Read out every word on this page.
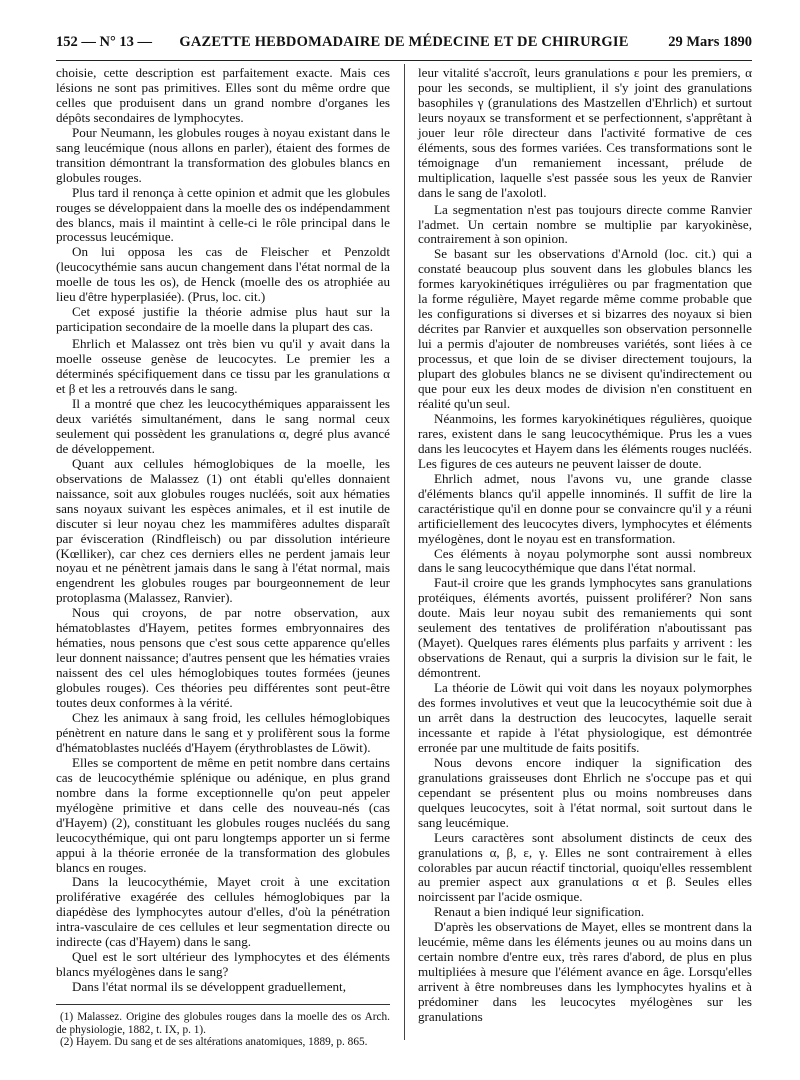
152 — N° 13 —	GAZETTE HEBDOMADAIRE DE MÉDECINE ET DE CHIRURGIE	29 Mars 1890

choisie, cette description est parfaitement exacte. Mais ces lésions ne sont pas primitives. Elles sont du même ordre que celles que produisent dans un grand nombre d'organes les dépôts secondaires de lymphocytes.

Pour Neumann, les globules rouges à noyau existant dans le sang leucémique (nous allons en parler), étaient des formes de transition démontrant la transformation des globules blancs en globules rouges.

Plus tard il renonça à cette opinion et admit que les globules rouges se développaient dans la moelle des os indépendamment des blancs, mais il maintint à celle-ci le rôle principal dans le processus leucémique.

On lui opposa les cas de Fleischer et Penzoldt (leucocythémie sans aucun changement dans l'état normal de la moelle de tous les os), de Henck (moelle des os atrophiée au lieu d'être hyperplasiée). (Prus, loc. cit.)

Cet exposé justifie la théorie admise plus haut sur la participation secondaire de la moelle dans la plupart des cas.

Ehrlich et Malassez ont très bien vu qu'il y avait dans la moelle osseuse genèse de leucocytes. Le premier les a déterminés spécifiquement dans ce tissu par les granulations α et β et les a retrouvés dans le sang.

Il a montré que chez les leucocythémiques apparaissent les deux variétés simultanément, dans le sang normal ceux seulement qui possèdent les granulations α, degré plus avancé de développement.

Quant aux cellules hémoglobiques de la moelle, les observations de Malassez (1) ont établi qu'elles donnaient naissance, soit aux globules rouges nucléés, soit aux hématies sans noyaux suivant les espèces animales, et il est inutile de discuter si leur noyau chez les mammifères adultes disparaît par évisceration (Rindfleisch) ou par dissolution intérieure (Kœlliker), car chez ces derniers elles ne perdent jamais leur noyau et ne pénètrent jamais dans le sang à l'état normal, mais engendrent les globules rouges par bourgeonnement de leur protoplasma (Malassez, Ranvier).

Nous qui croyons, de par notre observation, aux hématoblastes d'Hayem, petites formes embryonnaires des hématies, nous pensons que c'est sous cette apparence qu'elles leur donnent naissance; d'autres pensent que les hématies vraies naissent des cel ules hémoglobiques toutes formées (jeunes globules rouges). Ces théories peu différentes sont peut-être toutes deux conformes à la vérité.

Chez les animaux à sang froid, les cellules hémoglobiques pénètrent en nature dans le sang et y prolifèrent sous la forme d'hématoblastes nucléés d'Hayem (érythroblastes de Löwit).

Elles se comportent de même en petit nombre dans certains cas de leucocythémie splénique ou adénique, en plus grand nombre dans la forme exceptionnelle qu'on peut appeler myélogène primitive et dans celle des nouveau-nés (cas d'Hayem) (2), constituant les globules rouges nucléés du sang leucocythémique, qui ont paru longtemps apporter un si ferme appui à la théorie erronée de la transformation des globules blancs en rouges.

Dans la leucocythémie, Mayet croit à une excitation proliférative exagérée des cellules hémoglobiques par la diapédèse des lymphocytes autour d'elles, d'où la pénétration intra-vasculaire de ces cellules et leur segmentation directe ou indirecte (cas d'Hayem) dans le sang.

Quel est le sort ultérieur des lymphocytes et des éléments blancs myélogènes dans le sang?

Dans l'état normal ils se développent graduellement,

(1) Malassez. Origine des globules rouges dans la moelle des os Arch. de physiologie, 1882, t. IX, p. 1).

(2) Hayem. Du sang et de ses altérations anatomiques, 1889, p. 865.

leur vitalité s'accroît, leurs granulations ε pour les premiers, α pour les seconds, se multiplient, il s'y joint des granulations basophiles γ (granulations des Mastzellen d'Ehrlich) et surtout leurs noyaux se transforment et se perfectionnent, s'apprêtant à jouer leur rôle directeur dans l'activité formative de ces éléments, sous des formes variées. Ces transformations sont le témoignage d'un remaniement incessant, prélude de multiplication, laquelle s'est passée sous les yeux de Ranvier dans le sang de l'axolotl.

La segmentation n'est pas toujours directe comme Ranvier l'admet. Un certain nombre se multiplie par karyokinèse, contrairement à son opinion.

Se basant sur les observations d'Arnold (loc. cit.) qui a constaté beaucoup plus souvent dans les globules blancs les formes karyokinétiques irrégulières ou par fragmentation que la forme régulière, Mayet regarde même comme probable que les configurations si diverses et si bizarres des noyaux si bien décrites par Ranvier et auxquelles son observation personnelle lui a permis d'ajouter de nombreuses variétés, sont liées à ce processus, et que loin de se diviser directement toujours, la plupart des globules blancs ne se divisent qu'indirectement ou que pour eux les deux modes de division n'en constituent en réalité qu'un seul.

Néanmoins, les formes karyokinétiques régulières, quoique rares, existent dans le sang leucocythémique. Prus les a vues dans les leucocytes et Hayem dans les éléments rouges nucléés. Les figures de ces auteurs ne peuvent laisser de doute.

Ehrlich admet, nous l'avons vu, une grande classe d'éléments blancs qu'il appelle innominés. Il suffit de lire la caractéristique qu'il en donne pour se convaincre qu'il y a réuni artificiellement des leucocytes divers, lymphocytes et éléments myélogènes, dont le noyau est en transformation.

Ces éléments à noyau polymorphe sont aussi nombreux dans le sang leucocythémique que dans l'état normal.

Faut-il croire que les grands lymphocytes sans granulations protéiques, éléments avortés, puissent proliférer? Non sans doute. Mais leur noyau subit des remaniements qui sont seulement des tentatives de prolifération n'aboutissant pas (Mayet). Quelques rares éléments plus parfaits y arrivent : les observations de Renaut, qui a surpris la division sur le fait, le démontrent.

La théorie de Löwit qui voit dans les noyaux polymorphes des formes involutives et veut que la leucocythémie soit due à un arrêt dans la destruction des leucocytes, laquelle serait incessante et rapide à l'état physiologique, est démontrée erronée par une multitude de faits positifs.

Nous devons encore indiquer la signification des granulations graisseuses dont Ehrlich ne s'occupe pas et qui cependant se présentent plus ou moins nombreuses dans quelques leucocytes, soit à l'état normal, soit surtout dans le sang leucémique.

Leurs caractères sont absolument distincts de ceux des granulations α, β, ε, γ. Elles ne sont contrairement à elles colorables par aucun réactif tinctorial, quoiqu'elles ressemblent au premier aspect aux granulations α et β. Seules elles noircissent par l'acide osmique.

Renaut a bien indiqué leur signification.

D'après les observations de Mayet, elles se montrent dans la leucémie, même dans les éléments jeunes ou au moins dans un certain nombre d'entre eux, très rares d'abord, de plus en plus multipliées à mesure que l'élément avance en âge. Lorsqu'elles arrivent à être nombreuses dans les lymphocytes hyalins et à prédominer dans les leucocytes myélogènes sur les granulations
